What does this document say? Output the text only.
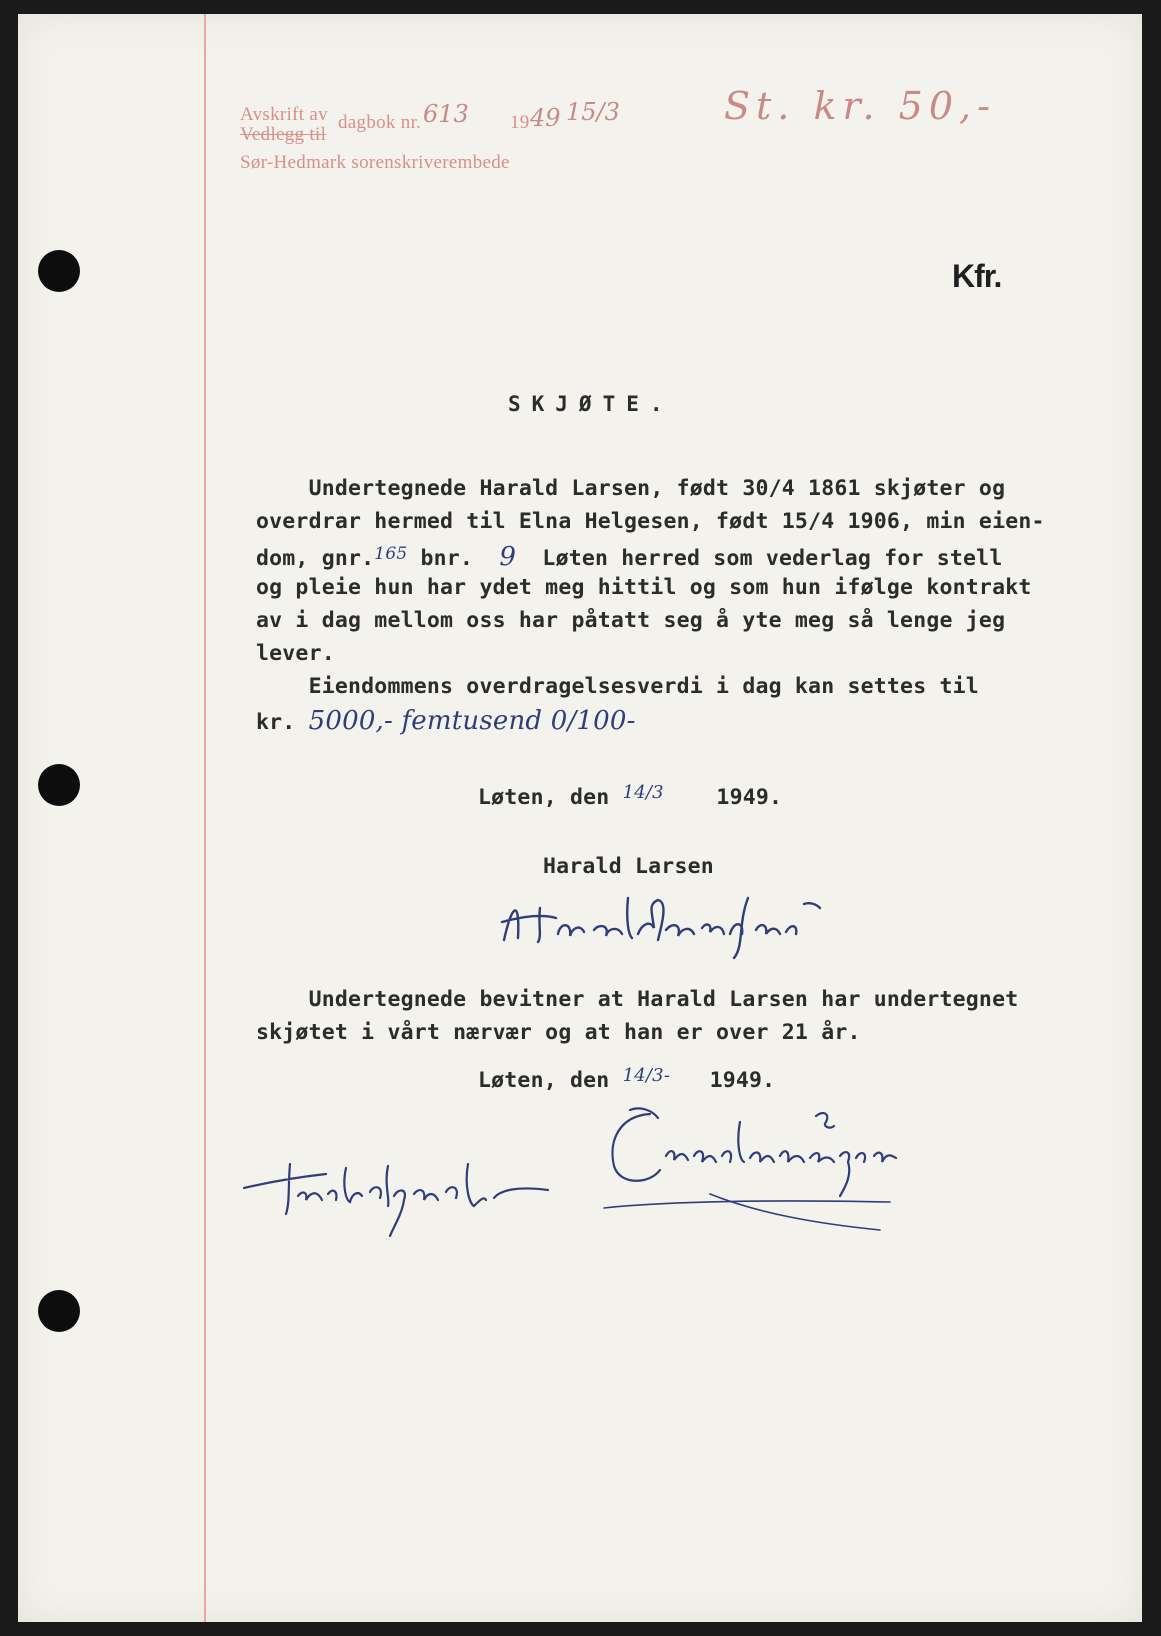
Avskrift av
Vedlegg til
dagbok nr.	19
Sør-Hedmark sorenskriverembede
613	49 15/3	St. kr. 50,-
Kfr.
SKJØTE.
Undertegnede Harald Larsen, født 30/4 1861 skjøter og
overdrar hermed til Elna Helgesen, født 15/4 1906, min eien-
dom, gnr.$^{165}$ bnr. 9  Løten herred som vederlag for stell
og pleie hun har ydet meg hittil og som hun ifølge kontrakt
av i dag mellom oss har påtatt seg å yte meg så lenge jeg
lever.
Eiendommens overdragelsesverdi i dag kan settes til
kr. 5000,- femtusend 0/100-
Løten, den $^{14/3}$ 1949.
Harald Larsen
Undertegnede bevitner at Harald Larsen har undertegnet
skjøtet i vårt nærvær og at han er over 21 år.
Løten, den $^{14/3-}$ 1949.
